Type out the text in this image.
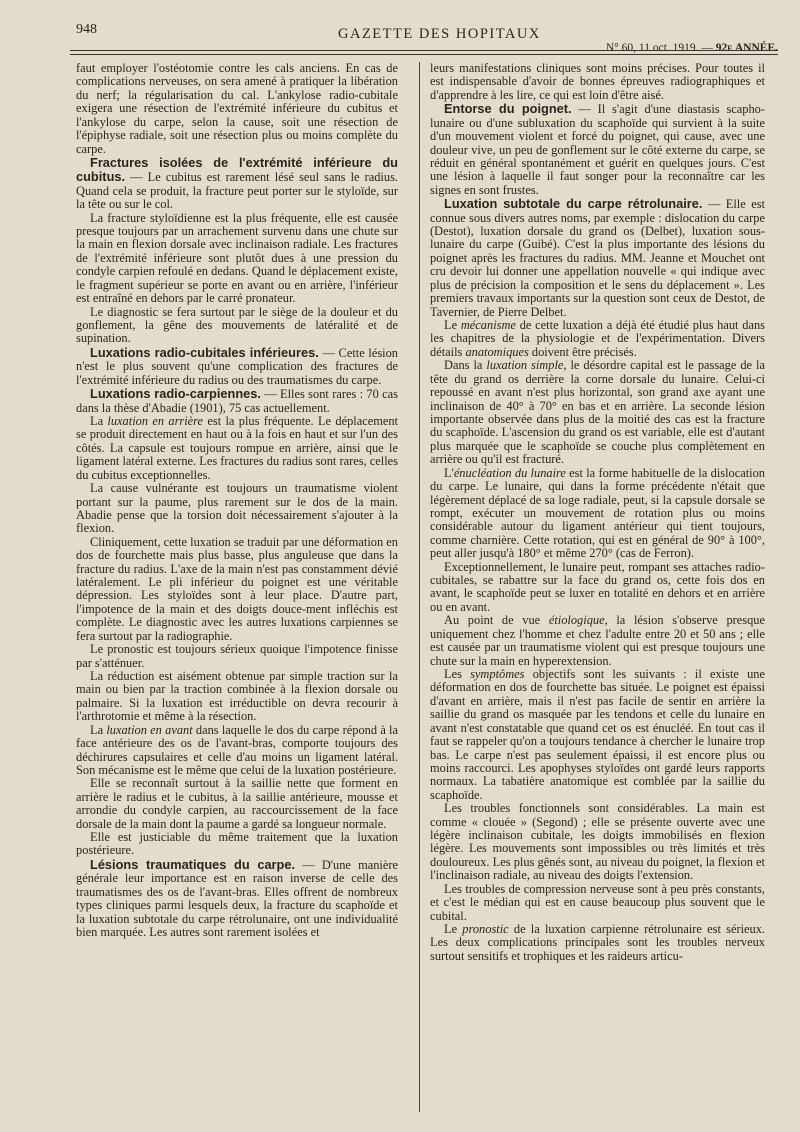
948	GAZETTE DES HOPITAUX
N° 60, 11 oct. 1919. — 92e ANNÉE.

faut employer l'ostéotomie contre les cals anciens. En cas de complications nerveuses, on sera amené à pratiquer la libération du nerf; la régularisation du cal. L'ankylose radio-cubitale exigera une résection de l'extrémité inférieure du cubitus et l'ankylose du carpe, selon la cause, soit une résection de l'épiphyse radiale, soit une résection plus ou moins complète du carpe.

Fractures isolées de l'extrémité inférieure du cubitus. — Le cubitus est rarement lésé seul sans le radius. Quand cela se produit, la fracture peut porter sur le styloïde, sur la tête ou sur le col.

La fracture styloïdienne est la plus fréquente, elle est causée presque toujours par un arrachement survenu dans une chute sur la main en flexion dorsale avec inclinaison radiale. Les fractures de l'extrémité inférieure sont plutôt dues à une pression du condyle carpien refoulé en dedans. Quand le déplacement existe, le fragment supérieur se porte en avant ou en arrière, l'inférieur est entraîné en dehors par le carré pronateur.

Le diagnostic se fera surtout par le siège de la douleur et du gonflement, la gêne des mouvements de latéralité et de supination.

Luxations radio-cubitales inférieures. — Cette lésion n'est le plus souvent qu'une complication des fractures de l'extrémité inférieure du radius ou des traumatismes du carpe.

Luxations radio-carpiennes. — Elles sont rares : 70 cas dans la thèse d'Abadie (1901), 75 cas actuellement.

La luxation en arrière est la plus fréquente. Le déplacement se produit directement en haut ou à la fois en haut et sur l'un des côtés. La capsule est toujours rompue en arrière, ainsi que le ligament latéral externe. Les fractures du radius sont rares, celles du cubitus exceptionnelles.

La cause vulnérante est toujours un traumatisme violent portant sur la paume, plus rarement sur le dos de la main. Abadie pense que la torsion doit nécessairement s'ajouter à la flexion.

Cliniquement, cette luxation se traduit par une déformation en dos de fourchette mais plus basse, plus anguleuse que dans la fracture du radius. L'axe de la main n'est pas constamment dévié latéralement. Le pli inférieur du poignet est une véritable dépression. Les styloïdes sont à leur place. D'autre part, l'impotence de la main et des doigts douce-ment infléchis est complète. Le diagnostic avec les autres luxations carpiennes se fera surtout par la radiographie.

Le pronostic est toujours sérieux quoique l'impotence finisse par s'atténuer.

La réduction est aisément obtenue par simple traction sur la main ou bien par la traction combinée à la flexion dorsale ou palmaire. Si la luxation est irréductible on devra recourir à l'arthrotomie et même à la résection.

La luxation en avant dans laquelle le dos du carpe répond à la face antérieure des os de l'avant-bras, comporte toujours des déchirures capsulaires et celle d'au moins un ligament latéral. Son mécanisme est le même que celui de la luxation postérieure.

Elle se reconnaît surtout à la saillie nette que forment en arrière le radius et le cubitus, à la saillie antérieure, mousse et arrondie du condyle carpien, au raccourcissement de la face dorsale de la main dont la paume a gardé sa longueur normale.

Elle est justiciable du même traitement que la luxation postérieure.

Lésions traumatiques du carpe. — D'une manière générale leur importance est en raison inverse de celle des traumatismes des os de l'avant-bras. Elles offrent de nombreux types cliniques parmi lesquels deux, la fracture du scaphoïde et la luxation subtotale du carpe rétrolunaire, ont une individualité bien marquée. Les autres sont rarement isolées et

leurs manifestations cliniques sont moins précises. Pour toutes il est indispensable d'avoir de bonnes épreuves radiographiques et d'apprendre à les lire, ce qui est loin d'être aisé.

Entorse du poignet. — Il s'agit d'une diastasis scapho-lunaire ou d'une subluxation du scaphoïde qui survient à la suite d'un mouvement violent et forcé du poignet, qui cause, avec une douleur vive, un peu de gonflement sur le côté externe du carpe, se réduit en général spontanément et guérit en quelques jours. C'est une lésion à laquelle il faut songer pour la reconnaître car les signes en sont frustes.

Luxation subtotale du carpe rétrolunaire. — Elle est connue sous divers autres noms, par exemple : dislocation du carpe (Destot), luxation dorsale du grand os (Delbet), luxation sous-lunaire du carpe (Guibé). C'est la plus importante des lésions du poignet après les fractures du radius. MM. Jeanne et Mouchet ont cru devoir lui donner une appellation nouvelle « qui indique avec plus de précision la composition et le sens du déplacement ». Les premiers travaux importants sur la question sont ceux de Destot, de Tavernier, de Pierre Delbet.

Le mécanisme de cette luxation a déjà été étudié plus haut dans les chapitres de la physiologie et de l'expérimentation. Divers détails anatomiques doivent être précisés.

Dans la luxation simple, le désordre capital est le passage de la tête du grand os derrière la corne dorsale du lunaire. Celui-ci repoussé en avant n'est plus horizontal, son grand axe ayant une inclinaison de 40° à 70° en bas et en arrière. La seconde lésion importante observée dans plus de la moitié des cas est la fracture du scaphoïde. L'ascension du grand os est variable, elle est d'autant plus marquée que le scaphoïde se couche plus complètement en arrière ou qu'il est fracturé.

L'énucléation du lunaire est la forme habituelle de la dislocation du carpe. Le lunaire, qui dans la forme précédente n'était que légèrement déplacé de sa loge radiale, peut, si la capsule dorsale se rompt, exécuter un mouvement de rotation plus ou moins considérable autour du ligament antérieur qui tient toujours, comme charnière. Cette rotation, qui est en général de 90° à 100°, peut aller jusqu'à 180° et même 270° (cas de Ferron).

Exceptionnellement, le lunaire peut, rompant ses attaches radio-cubitales, se rabattre sur la face du grand os, cette fois dos en avant, le scaphoïde peut se luxer en totalité en dehors et en arrière ou en avant.

Au point de vue étiologique, la lésion s'observe presque uniquement chez l'homme et chez l'adulte entre 20 et 50 ans ; elle est causée par un traumatisme violent qui est presque toujours une chute sur la main en hyperextension.

Les symptômes objectifs sont les suivants : il existe une déformation en dos de fourchette bas située. Le poignet est épaissi d'avant en arrière, mais il n'est pas facile de sentir en arrière la saillie du grand os masquée par les tendons et celle du lunaire en avant n'est constatable que quand cet os est énucléé. En tout cas il faut se rappeler qu'on a toujours tendance à chercher le lunaire trop bas. Le carpe n'est pas seulement épaissi, il est encore plus ou moins raccourci. Les apophyses styloïdes ont gardé leurs rapports normaux. La tabatière anatomique est comblée par la saillie du scaphoïde.

Les troubles fonctionnels sont considérables. La main est comme « clouée » (Segond) ; elle se présente ouverte avec une légère inclinaison cubitale, les doigts immobilisés en flexion légère. Les mouvements sont impossibles ou très limités et très douloureux. Les plus gênés sont, au niveau du poignet, la flexion et l'inclinaison radiale, au niveau des doigts l'extension.

Les troubles de compression nerveuse sont à peu près constants, et c'est le médian qui est en cause beaucoup plus souvent que le cubital.

Le pronostic de la luxation carpienne rétrolunaire est sérieux. Les deux complications principales sont les troubles nerveux surtout sensitifs et trophiques et les raideurs articu-
